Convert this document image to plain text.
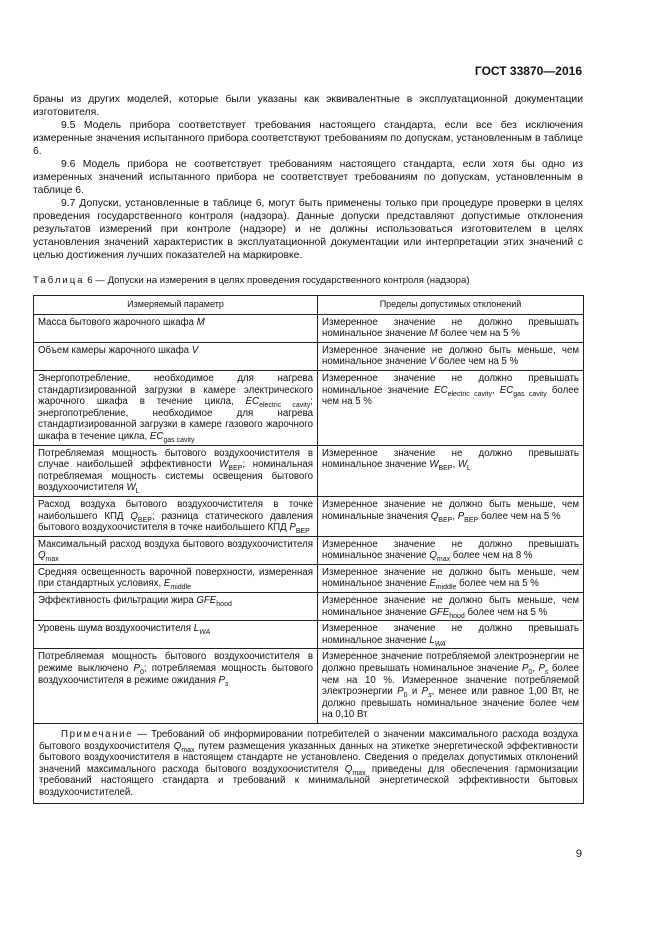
ГОСТ 33870—2016

браны из других моделей, которые были указаны как эквивалентные в эксплуатационной документации изготовителя.

9.5 Модель прибора соответствует требования настоящего стандарта, если все без исключения измеренные значения испытанного прибора соответствуют требованиям по допускам, установленным в таблице 6.

9.6 Модель прибора не соответствует требованиям настоящего стандарта, если хотя бы одно из измеренных значений испытанного прибора не соответствует требованиям по допускам, установленным в таблице 6.

9.7 Допуски, установленные в таблице 6, могут быть применены только при процедуре проверки в целях проведения государственного контроля (надзора). Данные допуски представляют допустимые отклонения результатов измерений при контроле (надзоре) и не должны использоваться изготовителем в целях установления значений характеристик в эксплуатационной документации или интерпретации этих значений с целью достижения лучших показателей на маркировке.

Таблица 6 — Допуски на измерения в целях проведения государственного контроля (надзора)
Измеряемый параметр	Пределы допустимых отклонений
Масса бытового жарочного шкафа M	Измеренное значение не должно превышать номинальное значение M более чем на 5 %
Объем камеры жарочного шкафа V	Измеренное значение не должно быть меньше, чем номинальное значение V более чем на 5 %
Энергопотребление, необходимое для нагрева стандартизированной загрузки в камере электрического жарочного шкафа в течение цикла, $EC_{electric cavity}$; энергопотребление, необходимое для нагрева стандартизированной загрузки в камере газового жарочного шкафа в течение цикла, $EC_{gas cavity}$	Измеренное значение не должно превышать номинальное значение $EC_{electric cavity}$, $EC_{gas cavity}$ более чем на 5 %
Потребляемая мощность бытового воздухоочистителя в случае наибольшей эффективности $W_{BEP}$; номинальная потребляемая мощность системы освещения бытового воздухоочистителя $W_L$	Измеренное значение не должно превышать номинальное значение $W_{BEP}$, $W_L$
Расход воздуха бытового воздухоочистителя в точке наибольшего КПД $Q_{BEP}$; разница статического давления бытового воздухоочистителя в точке наибольшего КПД $P_{BEP}$	Измеренное значение не должно быть меньше, чем номинальные значения $Q_{BEP}$, $P_{BEP}$ более чем на 5 %
Максимальный расход воздуха бытового воздухоочистителя $Q_{max}$	Измеренное значение не должно превышать номинальное значение $Q_{max}$ более чем на 8 %
Средняя освещенность варочной поверхности, измеренная при стандартных условиях, $E_{middle}$	Измеренное значение не должно быть меньше, чем номинальное значение $E_{middle}$ более чем на 5 %
Эффективность фильтрации жира $GFE_{hood}$	Измеренное значение не должно быть меньше, чем номинальное значение $GFE_{hood}$ более чем на 5 %
Уровень шума воздухоочистителя $L_{WA}$	Измеренное значение не должно превышать номинальное значение $L_{WA}$
Потребляемая мощность бытового воздухоочистителя в режиме выключено $P_0$; потребляемая мощность бытового воздухоочистителя в режиме ожидания $P_s$	Измеренное значение потребляемой электроэнергии не должно превышать номинальное значение $P_0$, $P_s$ более чем на 10 %. Измеренное значение потребляемой электроэнергии $P_0$ и $P_s$, менее или равное 1,00 Вт, не должно превышать номинальное значение более чем на 0,10 Вт
Примечание — Требований об информировании потребителей о значении максимального расхода воздуха бытового воздухоочистителя $Q_{max}$ путем размещения указанных данных на этикетке энергетической эффективности бытового воздухоочистителя в настоящем стандарте не установлено. Сведения о пределах допустимых отклонений значений максимального расхода бытового воздухоочистителя $Q_{max}$ приведены для обеспечения гармонизации требований настоящего стандарта и требований к минимальной энергетической эффективности бытовых воздухоочистителей.	
9
